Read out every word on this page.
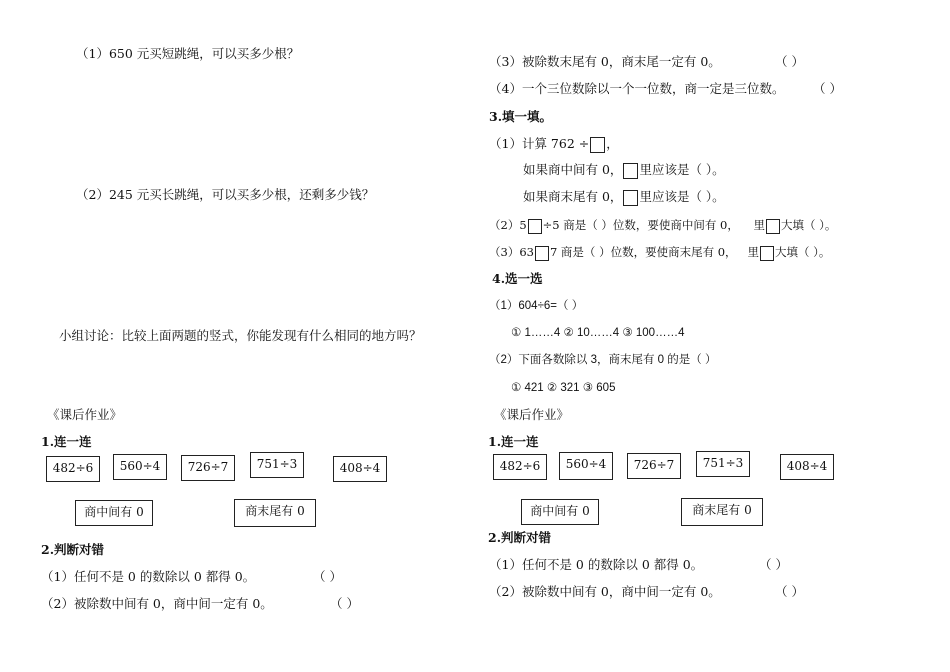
（1）650 元买短跳绳，可以买多少根？
（2）245 元买长跳绳，可以买多少根，还剩多少钱？
小组讨论：比较上面两题的竖式，你能发现有什么相同的地方吗？
《课后作业》
1.连一连
482÷6	560÷4	726÷7	751÷3	408÷4
商中间有 0	商末尾有 0
2.判断对错
（1）任何不是 0 的数除以 0 都得 0。	（ ）
（2）被除数中间有 0，商中间一定有 0。	（ ）
（3）被除数末尾有 0，商末尾一定有 0。	（ ）
（4）一个三位数除以一个一位数，商一定是三位数。 （ ）
3.填一填。
（1）计算 762 ÷ ，
如果商中间有 0， 里应该是（ ）。
如果商末尾有 0， 里应该是（ ）。
（2）5 ÷5 商是（ ）位数，要使商中间有 0， 里 大填（ ）。
（3）63 7 商是（ ）位数，要使商末尾有 0， 里 大填（ ）。
4.选一选
（1）604÷6=（ ）
① 1……4 ② 10……4 ③ 100……4
（2）下面各数除以 3，商末尾有 0 的是（ ）
① 421 ② 321 ③ 605
《课后作业》
1.连一连
482÷6	560÷4	726÷7	751÷3	408÷4
商中间有 0	商末尾有 0
2.判断对错
（1）任何不是 0 的数除以 0 都得 0。	（ ）
（2）被除数中间有 0，商中间一定有 0。	（ ）
